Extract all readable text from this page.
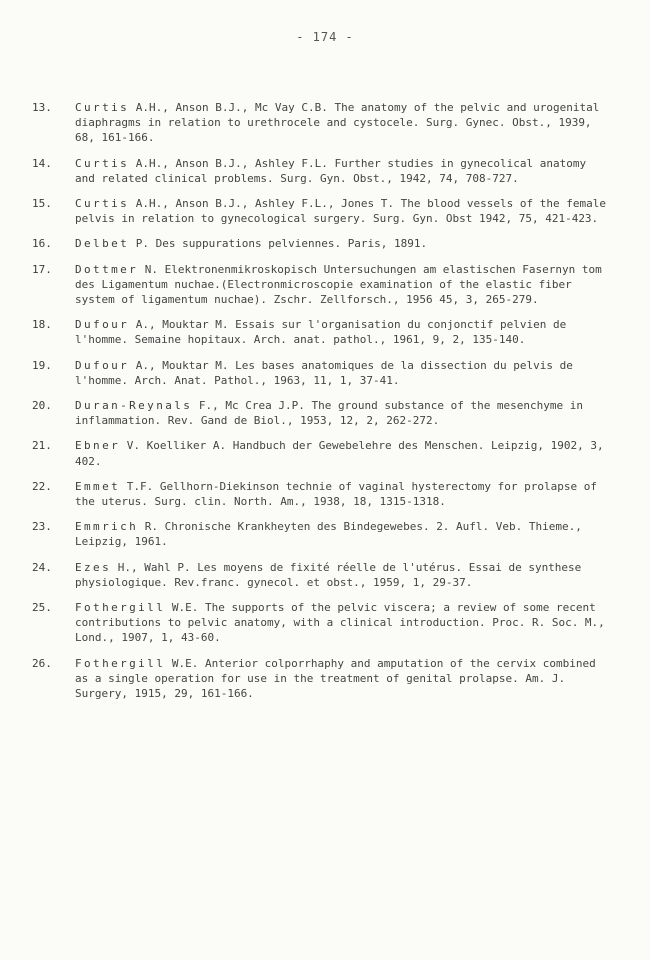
- 174 -
13. Curtis A.H., Anson B.J., Mc Vay C.B. The anatomy of the pelvic and urogenital diaphragms in relation to urethrocele and cystocele. Surg. Gynec. Obst., 1939, 68, 161-166.
14. Curtis A.H., Anson B.J., Ashley F.L. Further studies in gynecolical anatomy and related clinical problems. Surg. Gyn. Obst., 1942, 74, 708-727.
15. Curtis A.H., Anson B.J., Ashley F.L., Jones T. The blood vessels of the female pelvis in relation to gynecological surgery. Surg. Gyn. Obst 1942, 75, 421-423.
16. Delbet P. Des suppurations pelviennes. Paris, 1891.
17. Dottmer N. Elektronenmikroskopisch Untersuchungen am elastischen Fasernyn tom des Ligamentum nuchae.(Electronmicroscopie examination of the elastic fiber system of ligamentum nuchae). Zschr. Zellforsch., 1956 45, 3, 265-279.
18. Dufour A., Mouktar M. Essais sur l'organisation du conjonctif pelvien de l'homme. Semaine hopitaux. Arch. anat. pathol., 1961, 9, 2, 135-140.
19. Dufour A., Mouktar M. Les bases anatomiques de la dissection du pelvis de l'homme. Arch. Anat. Pathol., 1963, 11, 1, 37-41.
20. Duran-Reynals F., Mc Crea J.P. The ground substance of the mesenchyme in inflammation. Rev. Gand de Biol., 1953, 12, 2, 262-272.
21. Ebner V. Koelliker A. Handbuch der Gewebelehre des Menschen. Leipzig, 1902, 3, 402.
22. Emmet T.F. Gellhorn-Diekinson technie of vaginal hysterectomy for prolapse of the uterus. Surg. clin. North. Am., 1938, 18, 1315-1318.
23. Emmrich R. Chronische Krankheyten des Bindegewebes. 2. Aufl. Veb. Thieme., Leipzig, 1961.
24. Ezes H., Wahl P. Les moyens de fixité réelle de l'utérus. Essai de synthese physiologique. Rev.franc. gynecol. et obst., 1959, 1, 29-37.
25. Fothergill W.E. The supports of the pelvic viscera; a review of some recent contributions to pelvic anatomy, with a clinical introduction. Proc. R. Soc. M., Lond., 1907, 1, 43-60.
26. Fothergill W.E. Anterior colporrhaphy and amputation of the cervix combined as a single operation for use in the treatment of genital prolapse. Am. J. Surgery, 1915, 29, 161-166.
